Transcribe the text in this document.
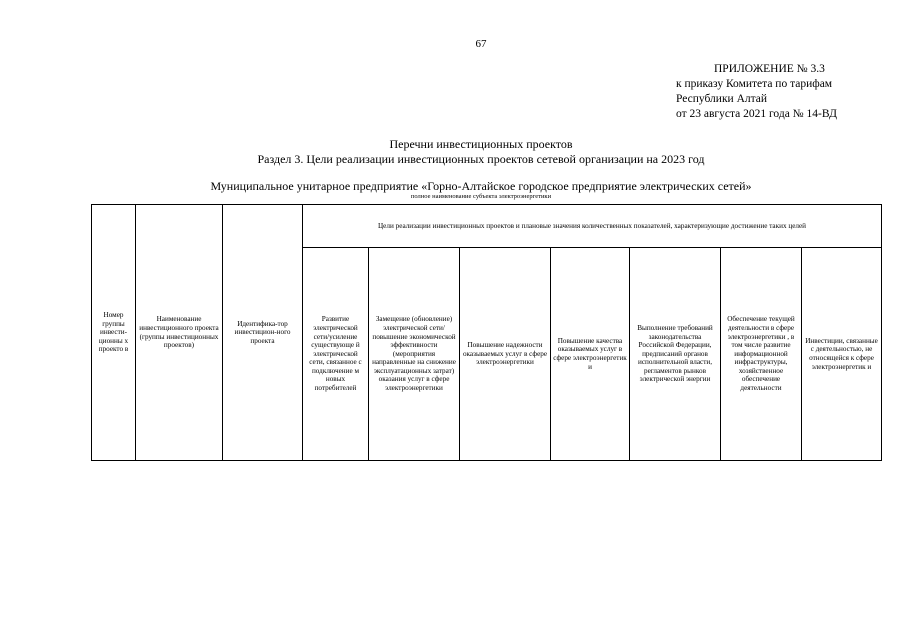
67
ПРИЛОЖЕНИЕ № 3.3
к приказу Комитета по тарифам
Республики Алтай
от 23 августа 2021 года № 14-ВД
Перечни инвестиционных проектов
Раздел 3. Цели реализации инвестиционных проектов сетевой организации на 2023 год
Муниципальное унитарное предприятие «Горно-Алтайское городское предприятие электрических сетей»
полное наименование субъекта электроэнергетики
Номер группы инвести-ционны х проекто в	Наименование инвестиционного проекта (группы инвестиционных проектов)	Идентифика-тор инвестицион-ного проекта	Цели реализации инвестиционных проектов и плановые значения количественных показателей, характеризующие достижение таких целей						
			Развитие электрической сети/усиление существующе й электрической сети, связанное с подключение м новых потребителей	Замещение (обновление) электрической сети/повышение экономической эффективности (мероприятия направленные на снижение эксплуатационных затрат) оказания услуг в сфере электроэнергетики	Повышение надежности оказываемых услуг в сфере электроэнергетики	Повышение качества оказываемых услуг в сфере электроэнергетик и	Выполнение требований законодательства Российской Федерации, предписаний органов исполнительной власти, регламентов рынков электрической энергии	Обеспечение текущей деятельности в сфере электроэнергетики , в том числе развитие информационной инфраструктуры, хозяйственное обеспечение деятельности	Инвестиции, связанные с деятельностью, не относящейся к сфере электроэнергетик и
